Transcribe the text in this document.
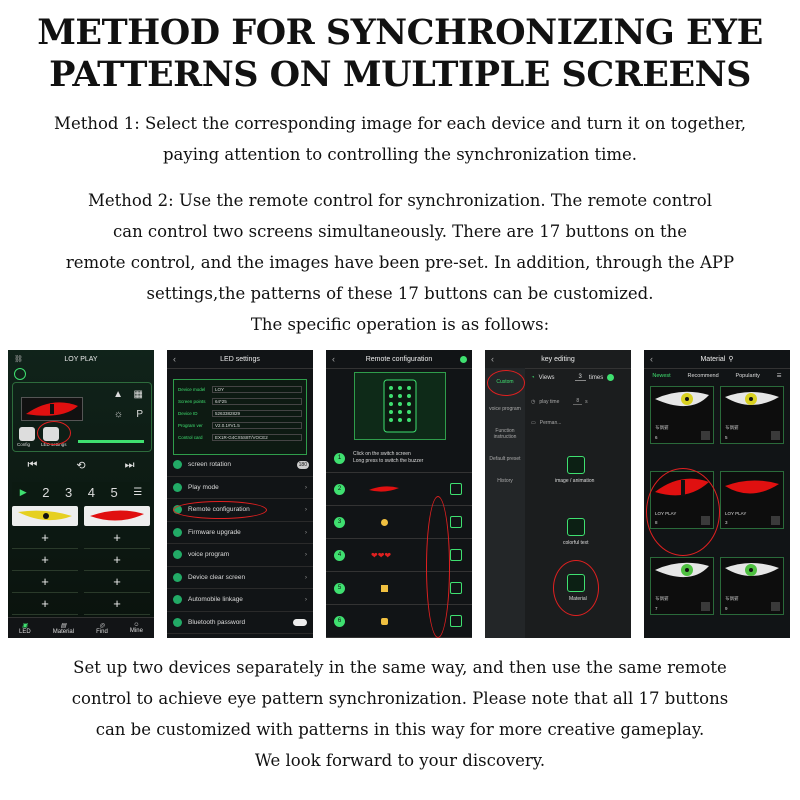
METHOD FOR SYNCHRONIZING EYE
PATTERNS ON MULTIPLE SCREENS
Method 1: Select the corresponding image for each device and turn it on together,
paying attention to controlling the synchronization time.
Method 2: Use the remote control for synchronization. The remote control
can control two screens simultaneously. There are 17 buttons on the
remote control, and the images have been pre-set. In addition, through the APP
settings,the patterns of these 17 buttons can be customized.
The specific operation is as follows:
⛓	LOY PLAY
▲ ▦
☼ P
Config LED settings
⏮	⟲	⏭
▶ 2 3 4 5 ☰
+	+
+	+
+	+
+	+
▣
LED
▤
Material
◎
Find
☺
Mine
‹	LED settings
Device model	LOY
Screen points	64*25
Device ID	5263382829
Program ver	V2.0.1#V1.5
Control card	EX1R-G4CX5S8T/VOCE2
screen rotation	180
Play mode	›
Remote configuration	›
Firmware upgrade	›
voice program	›
Device clear screen	›
Automobile linkage	›
Bluetooth password
‹	Remote configuration
1
Click on the switch screen
Long press to switch the buzzer
2
3
4	❤❤❤
5
6
‹	key editing
Custom
voice program
Function instruction
Default preset
History
◔ Views	3	times
◷ play time	8	s
▭ Perman...
image / animation
colorful text
Material
‹	Material ⚲
Newest	Recommend	Popularity	☰
布偶猫
6
布偶猫
5
LOY PLAY
8
LOY PLAY
3
布偶猫
7
布偶猫
9
Set up two devices separately in the same way, and then use the same remote
control to achieve eye pattern synchronization. Please note that all 17 buttons
can be customized with patterns in this way for more creative gameplay.
We look forward to your discovery.
